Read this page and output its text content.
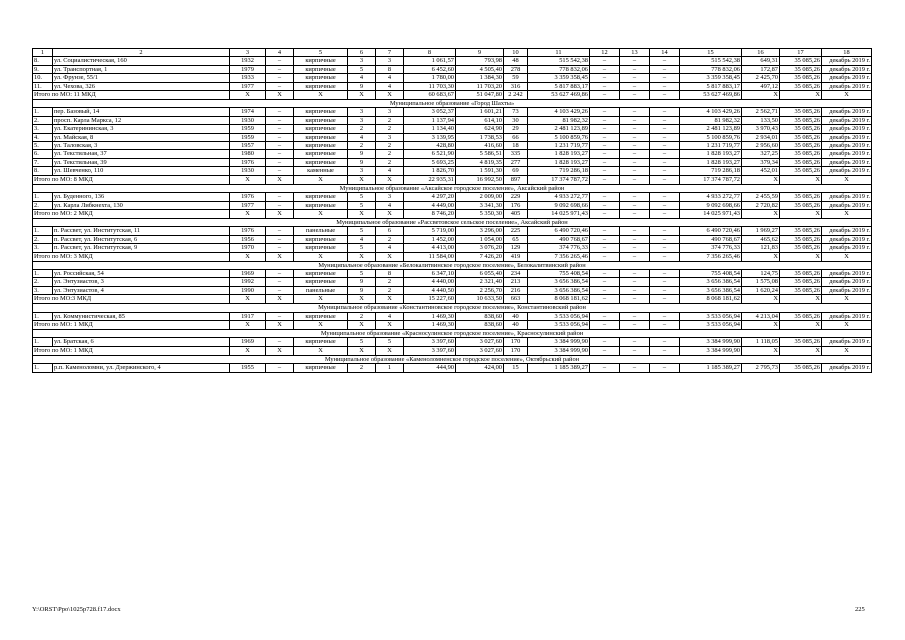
1	2	3	4	5	6	7	8	9	10	11	12	13	14	15	16	17	18
8.	ул. Социалистическая, 160	1932	–	кирпичные	3	3	1 061,57	793,98	48	515 542,38	–	–	–	515 542,38	649,31	35 085,26	декабрь 2019 г.
9.	ул. Транспортная, 1	1979	–	кирпичные	5	8	6 452,60	4 505,40	278	778 832,06	–	–	–	778 832,06	172,87	35 085,26	декабрь 2019 г.
10.	ул. Фрунзе, 55/1	1933	–	кирпичные	4	4	1 780,00	1 384,30	59	3 359 358,45	–	–	–	3 359 358,45	2 425,70	35 085,26	декабрь 2019 г.
11.	ул. Чехова, 326	1977	–	кирпичные	9	4	11 703,30	11 703,20	316	5 817 883,17	–	–	–	5 817 883,17	497,12	35 085,26	декабрь 2019 г.
Итого по МО: 11 МКД		X	X	X	X	X	60 683,67	51 047,80	2 242	53 627 469,86	–	–	–	53 627 469,86	X	X	X
Муниципальное образование «Город Шахты»																	
1.	пер. Базовый, 14	1974	–	кирпичные	3	3	3 052,37	1 601,21	73	4 103 429,26	–	–	–	4 103 429,26	2 562,71	35 085,26	декабрь 2019 г.
2.	просп. Карла Маркса, 12	1930	–	кирпичные	3	2	1 137,94	614,10	30	81 982,32	–	–	–	81 982,32	133,50	35 085,26	декабрь 2019 г.
3.	ул. Екатерининская, 3	1959	–	кирпичные	2	2	1 134,40	624,90	29	2 481 123,89	–	–	–	2 481 123,89	3 970,43	35 085,26	декабрь 2019 г.
4.	ул. Майская, 8	1959	–	кирпичные	4	3	3 139,95	1 738,53	66	5 100 859,76	–	–	–	5 100 859,76	2 934,01	35 085,26	декабрь 2019 г.
5.	ул. Таловская, 3	1957	–	кирпичные	2	2	428,80	416,60	18	1 231 719,77	–	–	–	1 231 719,77	2 956,60	35 085,26	декабрь 2019 г.
6.	ул. Текстильная, 37	1980	–	кирпичные	9	2	6 521,90	5 586,51	335	1 828 193,27	–	–	–	1 828 193,27	327,25	35 085,26	декабрь 2019 г.
7.	ул. Текстильная, 39	1976	–	кирпичные	9	2	5 693,25	4 819,35	277	1 828 193,27	–	–	–	1 828 193,27	379,34	35 085,26	декабрь 2019 г.
8.	ул. Шевченко, 110	1930	–	каменные	3	4	1 826,70	1 591,30	69	719 286,18	–	–	–	719 286,18	452,01	35 085,26	декабрь 2019 г.
Итого по МО: 8 МКД		X	X	X	X	X	22 935,31	16 992,50	897	17 374 787,72	–	–	–	17 374 787,72	X	X	X
Муниципальное образование «Аксайское городское поселение», Аксайский район																	
1.	ул. Буденного, 136	1976	–	кирпичные	5	3	4 297,20	2 009,00	229	4 933 272,77	–	–	–	4 933 272,77	2 455,59	35 085,26	декабрь 2019 г.
2.	ул. Карла Либкнехта, 130	1977	–	кирпичные	5	4	4 449,00	3 341,30	176	9 092 698,66	–	–	–	9 092 698,66	2 720,82	35 085,26	декабрь 2019 г.
Итого по МО: 2 МКД		X	X	X	X	X	8 746,20	5 350,30	405	14 025 971,43	–	–	–	14 025 971,43	X	X	X
Муниципальное образование «Рассветовское сельское поселение», Аксайский район																	
1.	п. Рассвет, ул. Институтская, 11	1976	–	панельные	5	6	5 719,00	3 296,00	225	6 490 720,46	–	–	–	6 490 720,46	1 969,27	35 085,26	декабрь 2019 г.
2.	п. Рассвет, ул. Институтская, 6	1956	–	кирпичные	4	2	1 452,00	1 054,00	65	490 768,67	–	–	–	490 768,67	465,62	35 085,26	декабрь 2019 г.
3.	п. Рассвет, ул. Институтская, 9	1970	–	кирпичные	5	4	4 413,00	3 076,20	129	374 776,33	–	–	–	374 776,33	121,83	35 085,26	декабрь 2019 г.
Итого по МО: 3 МКД		X	X	X	X	X	11 584,00	7 426,20	419	7 356 265,46	–	–	–	7 356 265,46	X	X	X
Муниципальное образование «Белокалитвинское городское поселение», Белокалитвинский район																	
1.	ул. Российская, 54	1969	–	кирпичные	5	8	6 347,10	6 055,40	234	755 408,54	–	–	–	755 408,54	124,75	35 085,26	декабрь 2019 г.
2.	ул. Энтузиастов, 3	1992	–	кирпичные	9	2	4 440,00	2 321,40	213	3 656 386,54	–	–	–	3 656 386,54	1 575,08	35 085,26	декабрь 2019 г.
3.	ул. Энтузиастов, 4	1990	–	панельные	9	2	4 440,50	2 256,70	216	3 656 386,54	–	–	–	3 656 386,54	1 620,24	35 085,26	декабрь 2019 г.
Итого по МО:3 МКД		X	X	X	X	X	15 227,60	10 633,50	663	8 068 181,62	–	–	–	8 068 181,62	X	X	X
Муниципальное образование «Константиновское городское поселение», Константиновский район																	
1.	ул. Коммунистическая, 85	1917	–	кирпичные	2	4	1 469,30	838,60	40	3 533 056,94	–	–	–	3 533 056,94	4 213,04	35 085,26	декабрь 2019 г.
Итого по МО: 1 МКД		X	X	X	X	X	1 469,30	838,60	40	3 533 056,94	–	–	–	3 533 056,94	X	X	X
Муниципальное образование «Красносулинское городское поселение», Красносулинский район																	
1.	ул. Братская, 6	1969	–	кирпичные	5	5	3 397,60	3 027,60	170	3 384 999,90	–	–	–	3 384 999,90	1 118,05	35 085,26	декабрь 2019 г.
Итого по МО: 1 МКД		X	X	X	X	X	3 397,60	3 027,60	170	3 384 999,90	–	–	–	3 384 999,90	X	X	X
Муниципальное образование «Каменоломненское городское поселение», Октябрьский район																	
1.	р.п. Каменоломни, ул. Дзержинского, 4	1955	–	кирпичные	2	1	444,90	424,00	15	1 185 389,27	–	–	–	1 185 389,27	2 795,73	35 085,26	декабрь 2019 г.
Y:\ORST\Ppo\1025p728.f17.docx	225
